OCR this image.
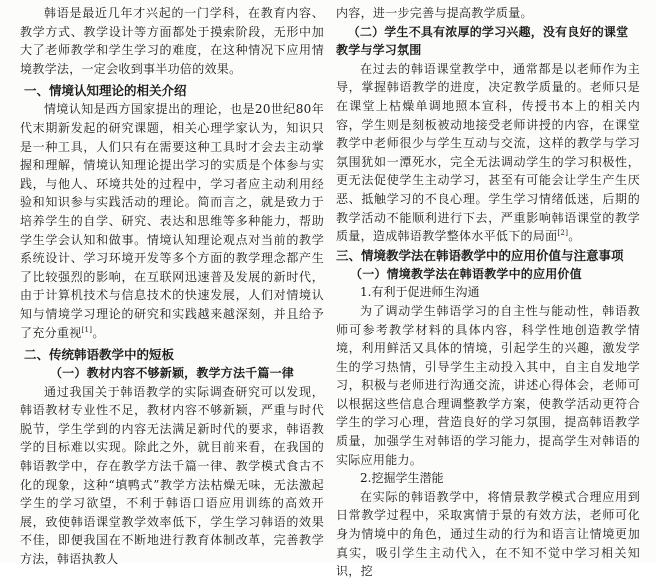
韩语是最近几年才兴起的一门学科，在教育内容、教学方式、教学设计等方面都处于摸索阶段，无形中加大了老师教学和学生学习的难度，在这种情况下应用情境教学法，一定会收到事半功倍的效果。

一、情境认知理论的相关介绍

情境认知是西方国家提出的理论，也是20世纪80年代末期新发起的研究课题，相关心理学家认为，知识只是一种工具，人们只有在需要这种工具时才会去主动掌握和理解，情境认知理论提出学习的实质是个体参与实践，与他人、环境共处的过程中，学习者应主动利用经验和知识参与实践活动的理论。简而言之，就是致力于培养学生的自学、研究、表达和思维等多种能力，帮助学生学会认知和做事。情境认知理论观点对当前的教学系统设计、学习环境开发等多个方面的教学理念都产生了比较强烈的影响，在互联网迅速普及发展的新时代，由于计算机技术与信息技术的快速发展，人们对情境认知与情境学习理论的研究和实践越来越深刻，并且给予了充分重视[1]。

二、传统韩语教学中的短板
（一）教材内容不够新颖，教学方法千篇一律

通过我国关于韩语教学的实际调查研究可以发现，韩语教材专业性不足，教材内容不够新颖，严重与时代脱节，学生学到的内容无法满足新时代的要求，韩语教学的目标难以实现。除此之外，就目前来看，在我国的韩语教学中，存在教学方法千篇一律、教学模式食古不化的现象，这种“填鸭式”教学方法枯燥无味，无法激起学生的学习欲望，不利于韩语口语应用训练的高效开展，致使韩语课堂教学效率低下，学生学习韩语的效果不佳，即便我国在不断地进行教育体制改革，完善教学方法，韩语执教人

内容，进一步完善与提高教学质量。

（二）学生不具有浓厚的学习兴趣，没有良好的课堂
教学与学习氛围

在过去的韩语课堂教学中，通常都是以老师作为主导，掌握韩语教学的进度，决定教学质量的。老师只是在课堂上枯燥单调地照本宣科，传授书本上的相关内容，学生则是刻板被动地接受老师讲授的内容，在课堂教学中老师很少与学生互动与交流，这样的教学与学习氛围犹如一潭死水，完全无法调动学生的学习积极性，更无法促使学生主动学习，甚至有可能会让学生产生厌恶、抵触学习的不良心理。学生学习情绪低迷，后期的教学活动不能顺利进行下去，严重影响韩语课堂的教学质量，造成韩语教学整体水平低下的局面[2]。

三、情境教学法在韩语教学中的应用价值与注意事项
（一）情境教学法在韩语教学中的应用价值
1.有利于促进师生沟通

为了调动学生韩语学习的自主性与能动性，韩语教师可参考教学材料的具体内容，科学性地创造教学情境，利用鲜活又具体的情境，引起学生的兴趣，激发学生的学习热情，引导学生主动投入其中，自主自发地学习，积极与老师进行沟通交流，讲述心得体会，老师可以根据这些信息合理调整教学方案，使教学活动更符合学生的学习心理，营造良好的学习氛围，提高韩语教学质量，加强学生对韩语的学习能力，提高学生对韩语的实际应用能力。

2.挖掘学生潜能

在实际的韩语教学中，将情景教学模式合理应用到日常教学过程中，采取寓情于景的有效方法，老师可化身为情境中的角色，通过生动的行为和语言让情境更加真实，吸引学生主动代入，在不知不觉中学习相关知识，挖
